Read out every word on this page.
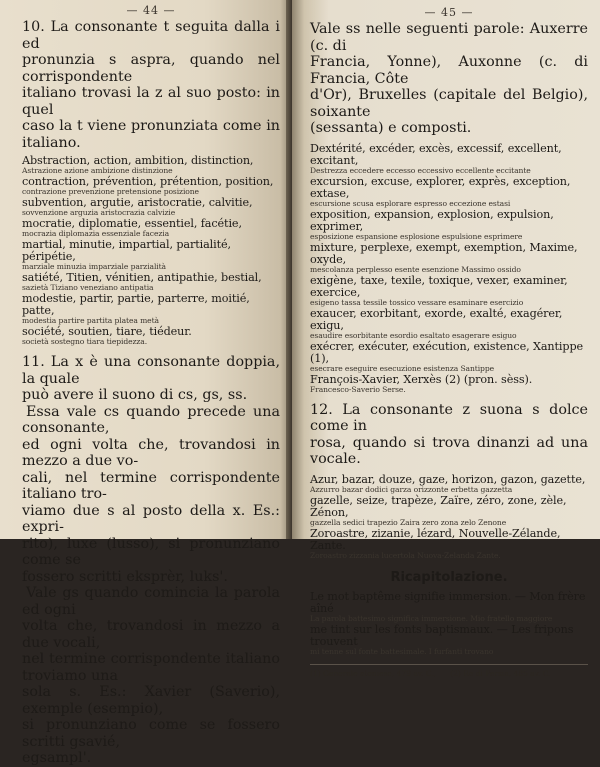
— 44 —

10. La consonante t seguita dalla i ed

pronunzia s aspra, quando nel corrispondente

italiano trovasi la z al suo posto: in quel

caso la t viene pronunziata come in italiano.

Abstraction, action, ambition, distinction,
Astrazione azione ambizione distinzione
contraction, prévention, prétention, position,
contrazione prevenzione pretensione posizione
subvention, argutie, aristocratie, calvitie,
sovvenzione arguzia aristocrazia calvizie
mocratie, diplomatie, essentiel, facétie,
mocrazia diplomazia essenziale facezia
martial, minutie, impartial, partialité, péripétie,
marziale minuzia imparziale parzialità
satiété, Titien, vénitien, antipathie, bestial,
sazietà Tiziano veneziano antipatia
modestie, partir, partie, parterre, moitié, patte,
modestia partire partita platea metà
société, soutien, tiare, tiédeur.
società sostegno tiara tiepidezza.

11. La x è una consonante doppia, la quale

può avere il suono di cs, gs, ss.

Essa vale cs quando precede una consonante,

ed ogni volta che, trovandosi in mezzo a due vo-

cali, nel termine corrispondente italiano tro-

viamo due s al posto della x. Es.: expri-

rito), luxe (lusso), si pronunziano come se

fossero scritti eksprèr, luks'.

Vale gs quando comincia la parola ed ogni

volta che, trovandosi in mezzo a due vocali,

nel termine corrispondente italiano troviamo una

sola s. Es.: Xavier (Saverio), exemple (esempio),

si pronunziano come se fossero scritti gsavié,

egsampl'.

— 45 —

Vale ss nelle seguenti parole: Auxerre (c. di

Francia, Yonne), Auxonne (c. di Francia, Côte

d'Or), Bruxelles (capitale del Belgio), soixante

(sessanta) e composti.

Dextérité, excéder, excès, excessif, excellent, excitant,
Destrezza eccedere eccesso eccessivo eccellente eccitante
excursion, excuse, explorer, exprès, exception, extase,
escursione scusa esplorare espresso eccezione estasi
exposition, expansion, explosion, expulsion, exprimer,
esposizione espansione esplosione espulsione esprimere
mixture, perplexe, exempt, exemption, Maxime, oxyde,
mescolanza perplesso esente esenzione Massimo ossido
exigène, taxe, texile, toxique, vexer, examiner, exercice,
esigeno tassa tessile tossico vessare esaminare esercizio
exaucer, exorbitant, exorde, exalté, exagérer, exigu,
esaudire esorbitante esordio esaltato esagerare esiguo
exécrer, exécuter, exécution, existence, Xantippe (1),
esecrare eseguire esecuzione esistenza Santippe
François-Xavier, Xerxès (2) (pron. sèss).
Francesco-Saverio Serse.

12. La consonante z suona s dolce come in

rosa, quando si trova dinanzi ad una vocale.

Azur, bazar, douze, gaze, horizon, gazon, gazette,
Azzurro bazar dodici garza orizzonte erbetta gazzetta
gazelle, seize, trapèze, Zaïre, zéro, zone, zèle, Zénon,
gazzella sedici trapezio Zaira zero zona zelo Zenone
Zoroastre, zizanie, lézard, Nouvelle-Zélande, Zante.
Zoroastro zizzania lucertola Nuova-Zelanda Zante.
Ricapitolazione.
Le mot baptême signifie immersion. — Mon frère aîné
La parola battesimo significa immersione. Mio fratello maggiore
me tint sur les fonts baptismaux. — Les fripons trouvent
mi tenne sul fonte battesimale. I furfanti trovano
(1) Generale ateniese, 479 av. C., (2) Re di Persia, 485 av. C.
